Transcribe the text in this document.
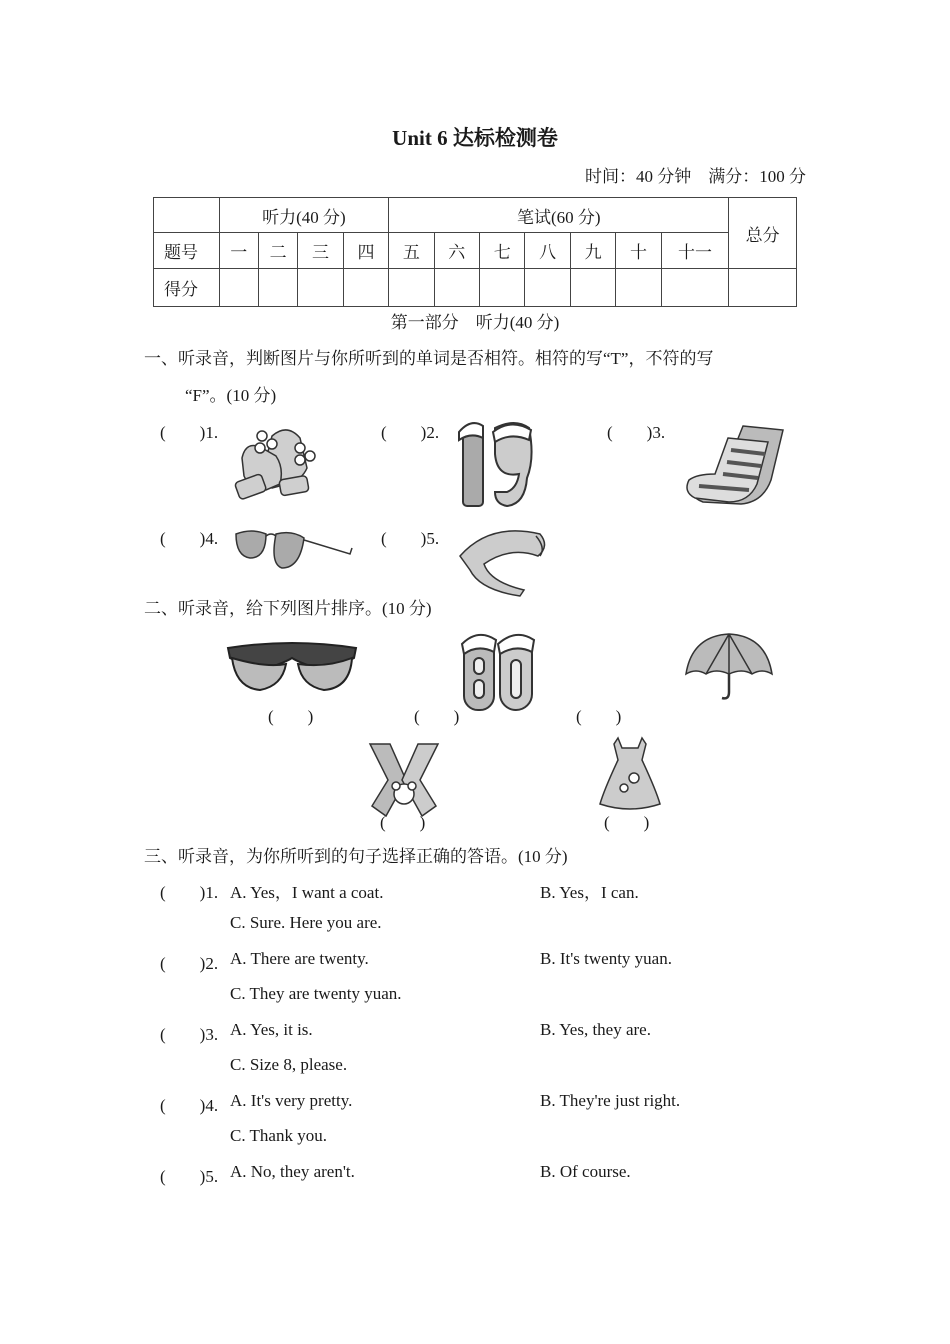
Unit 6 达标检测卷
时间：40 分钟　满分：100 分
	听力(40 分)				笔试(60 分)							总分
题号	一	二	三	四	五	六	七	八	九	十	十一	
得分												
第一部分　听力(40 分)
一、听录音，判断图片与你所听到的单词是否相符。相符的写“T”，不符的写
“F”。(10 分)
(　　)1.	(　　)2.	(　　)3.
(　　)4.	(　　)5.
二、听录音，给下列图片排序。(10 分)
(　　)	(　　)	(　　)
(　　)	(　　)
三、听录音，为你所听到的句子选择正确的答语。(10 分)
(　　)1. A. Yes，I want a coat.	B. Yes，I can.
C. Sure. Here you are.
(　　)2. A. There are twenty.	B. It's twenty yuan.
C. They are twenty yuan.
(　　)3. A. Yes, it is.	B. Yes, they are.
C. Size 8, please.
(　　)4. A. It's very pretty.	B. They're just right.
C. Thank you.
(　　)5. A. No, they aren't.	B. Of course.
